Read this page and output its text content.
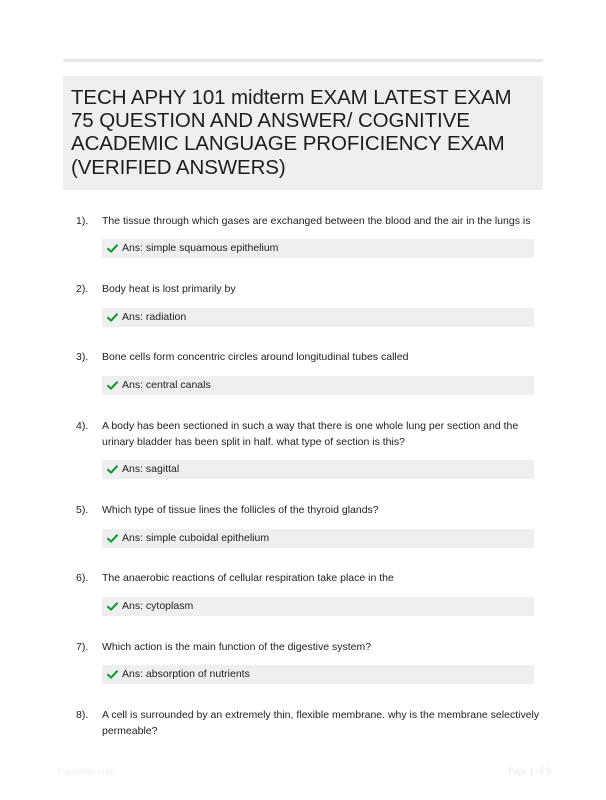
TECH APHY 101 midterm EXAM LATEST EXAM 75 QUESTION AND ANSWER/ COGNITIVE ACADEMIC LANGUAGE PROFICIENCY EXAM (VERIFIED ANSWERS)
1). The tissue through which gases are exchanged between the blood and the air in the lungs is
Ans: simple squamous epithelium
2). Body heat is lost primarily by
Ans: radiation
3). Bone cells form concentric circles around longitudinal tubes called
Ans: central canals
4). A body has been sectioned in such a way that there is one whole lung per section and the urinary bladder has been split in half. what type of section is this?
Ans: sagittal
5). Which type of tissue lines the follicles of the thyroid glands?
Ans: simple cuboidal epithelium
6). The anaerobic reactions of cellular respiration take place in the
Ans: cytoplasm
7). Which action is the main function of the digestive system?
Ans: absorption of nutrients
8). A cell is surrounded by an extremely thin, flexible membrane. why is the membrane selectively permeable?
PaperMill.com	Page 1 of 9
